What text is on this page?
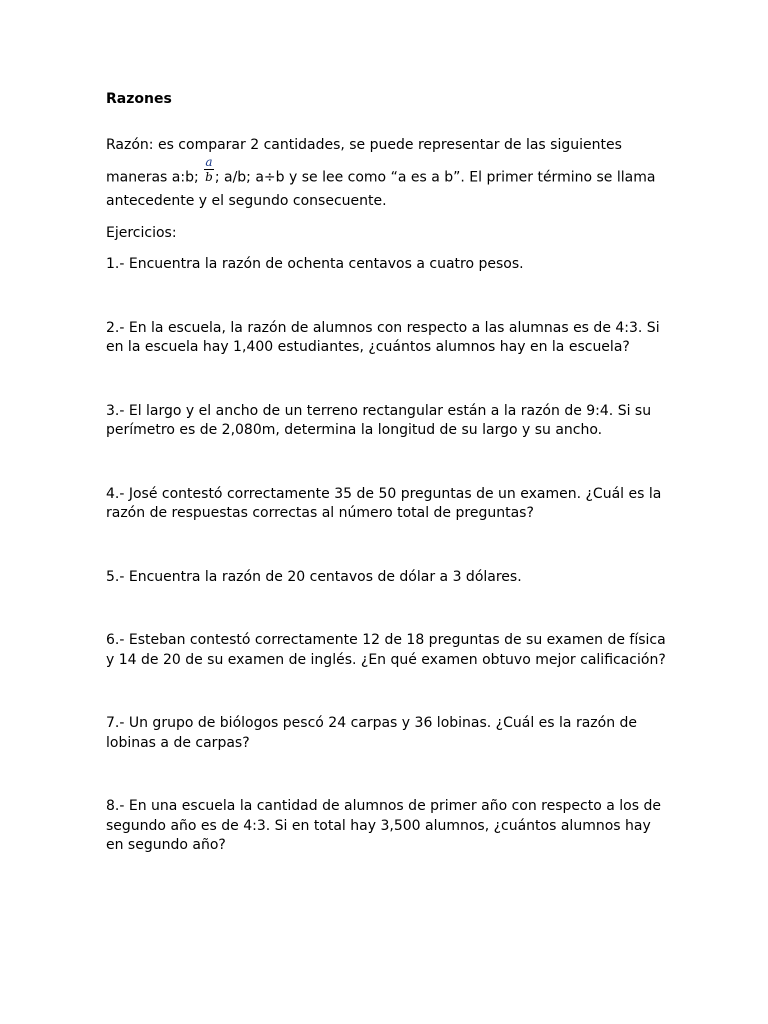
Razones

Razón: es comparar 2 cantidades, se puede representar de las siguientes
maneras a:b; $\frac{a}{b}$ ; a/b; a÷b y se lee como “a es a b”. El primer término se llama
antecedente y el segundo consecuente.

Ejercicios:

1.- Encuentra la razón de ochenta centavos a cuatro pesos.

2.- En la escuela, la razón de alumnos con respecto a las alumnas es de 4:3. Si
en la escuela hay 1,400 estudiantes, ¿cuántos alumnos hay en la escuela?

3.- El largo y el ancho de un terreno rectangular están a la razón de 9:4. Si su
perímetro es de 2,080m, determina la longitud de su largo y su ancho.

4.- José contestó correctamente 35 de 50 preguntas de un examen. ¿Cuál es la
razón de respuestas correctas al número total de preguntas?

5.- Encuentra la razón de 20 centavos de dólar a 3 dólares.

6.- Esteban contestó correctamente 12 de 18 preguntas de su examen de física
y 14 de 20 de su examen de inglés. ¿En qué examen obtuvo mejor calificación?

7.- Un grupo de biólogos pescó 24 carpas y 36 lobinas. ¿Cuál es la razón de
lobinas a de carpas?

8.- En una escuela la cantidad de alumnos de primer año con respecto a los de
segundo año es de 4:3. Si en total hay 3,500 alumnos, ¿cuántos alumnos hay
en segundo año?
